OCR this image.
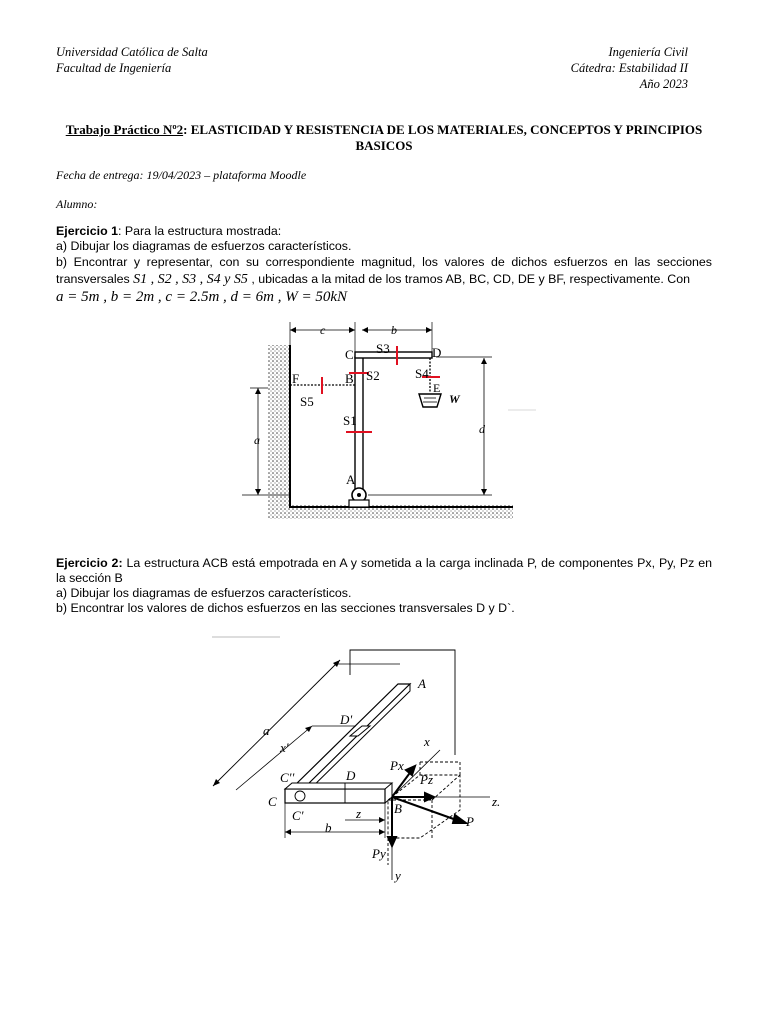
Universidad Católica de Salta
Facultad de Ingeniería
Ingeniería Civil
Cátedra: Estabilidad II
Año 2023
Trabajo Práctico Nº2: ELASTICIDAD Y RESISTENCIA DE LOS MATERIALES, CONCEPTOS Y PRINCIPIOS BASICOS
Fecha de entrega: 19/04/2023 – plataforma Moodle
Alumno:

Ejercicio 1: Para la estructura mostrada:

a) Dibujar los diagramas de esfuerzos característicos.

b) Encontrar y representar, con su correspondiente magnitud, los valores de dichos esfuerzos en las secciones transversales S1 , S2 , S3 , S4 y S5 , ubicadas a la mitad de los tramos AB, BC, CD, DE y BF, respectivamente. Con

a = 5m , b = 2m , c = 2.5m , d = 6m , W = 50kN

C	D
B
F
A
E
S3
S2	S4
S5
S1
W
c	b
a
d

Ejercicio 2: La estructura ACB está empotrada en A y sometida a la carga inclinada P, de componentes Px, Py, Pz en la sección B

a) Dibujar los diagramas de esfuerzos característicos.

b) Encontrar los valores de dichos esfuerzos en las secciones transversales D y D`.

A
a
D'
x'
C''	D
C
C'	z
b
B
Px
Pz
Py
P
x
z.
y
